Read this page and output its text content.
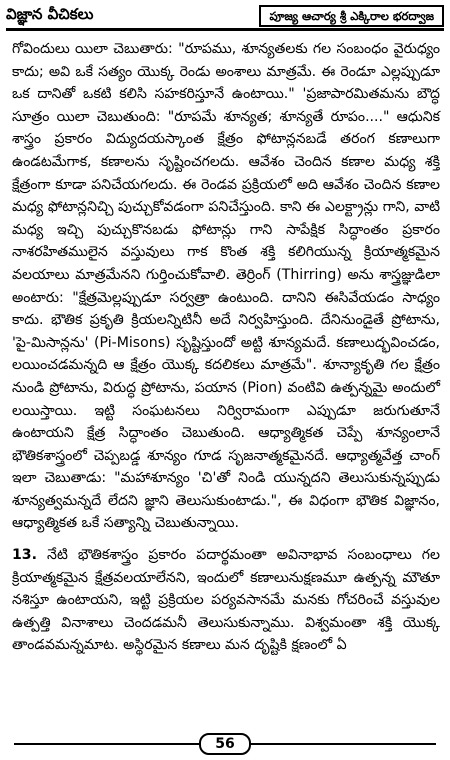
విజ్ఞాన వీచికలు	పూజ్య ఆచార్య శ్రీ ఎక్కిరాల భరద్వాజ

గోవిందులు యిలా చెబుతారు: "రూపము, శూన్యతలకు గల సంబంధం వైరుధ్యం కాదు; అవి ఒకే సత్యం యొక్క రెండు అంశాలు మాత్రమే. ఈ రెండూ ఎల్లప్పుడూ ఒక దానితో ఒకటి కలిసి సహకరిస్తూనే ఉంటాయి." 'ప్రజాపారమితమను బౌద్ధ సూత్రం యిలా చెబుతుంది: "రూపమే శూన్యత; శూన్యతే రూపం...." ఆధునిక శాస్త్రం ప్రకారం విద్యుదయస్కాంత క్షేత్రం ఫోటాన్లనబడే తరంగ కణాలుగా ఉండటమేగాక, కణాలను సృష్టించగలదు. ఆవేశం చెందిన కణాల మధ్య శక్తి క్షేత్రంగా కూడా పనిచేయగలదు. ఈ రెండవ ప్రక్రియలో అది ఆవేశం చెందిన కణాల మధ్య ఫోటాన్లనిచ్చి పుచ్చుకోవడంగా పనిచేస్తుంది. కాని ఈ ఎలక్ట్రాన్లు గాని, వాటి మధ్య ఇచ్చి పుచ్చుకొనబడు ఫోటాన్లు గాని సాపేక్షిక సిద్ధాంతం ప్రకారం నాశరహితములైన వస్తువులు గాక కొంత శక్తి కలిగియున్న క్రియాత్మకమైన వలయాలు మాత్రమేనని గుర్తించుకోవాలి. తెర్రింగ్ (Thirring) అను శాస్త్రజ్ఞుడిలా అంటారు: "క్షేత్రమెల్లప్పుడూ సర్వత్రా ఉంటుంది. దానిని ఈసివేయడం సాధ్యం కాదు. భౌతిక ప్రకృతి క్రియలన్నిటినీ అదే నిర్వహిస్తుంది. దేనినుండైతే ప్రోటాను, 'పై-మిసాన్లను' (Pi-Misons) సృష్టిస్తుందో అట్టి శూన్యమదే. కణాలుద్భవించడం, లయించడమన్నది ఆ క్షేత్రం యొక్క కదలికలు మాత్రమే". శూన్యాకృతి గల క్షేత్రం నుండి ప్రోటాను, విరుద్ధ ప్రోటాను, పయాన (Pion) వంటివి ఉత్పన్నమై అందులో లయిస్తాయి. ఇట్టి సంఘటనలు నిర్విరామంగా ఎప్పుడూ జరుగుతూనే ఉంటాయని క్షేత్ర సిద్ధాంతం చెబుతుంది. ఆధ్యాత్మికత చెప్పే శూన్యంలానే భౌతికశాస్త్రంలో చెప్పబడ్డ శూన్యం గూడ సృజనాత్మకమైనదే. ఆధ్యాత్మవేత్త చాంగ్‌ ఇలా చెబుతాడు: "మహాశూన్యం 'చి'తో నిండి యున్నదని తెలుసుకున్నప్పుడు శూన్యత్వమన్నదే లేదని జ్ఞాని తెలుసుకుంటాడు.", ఈ విధంగా భౌతిక విజ్ఞానం, ఆధ్యాత్మికత ఒకే సత్యాన్ని చెబుతున్నాయి.

13. నేటి భౌతికశాస్త్రం ప్రకారం పదార్థమంతా అవినాభావ సంబంధాలు గల క్రియాత్మకమైన క్షేత్రవలయాలేనని, ఇందులో కణాలునుక్షణమూ ఉత్పన్న మౌతూ నశిస్తూ ఉంటాయని, ఇట్టి ప్రక్రియల పర్యవసానమే మనకు గోచరించే వస్తువుల ఉత్పత్తి వినాశాలు చెందడమనీ తెలుసుకున్నాము. విశ్వమంతా శక్తి యొక్క తాండవమన్నమాట. అస్థిరమైన కణాలు మన దృష్టికి క్షణంలో ఏ

56
